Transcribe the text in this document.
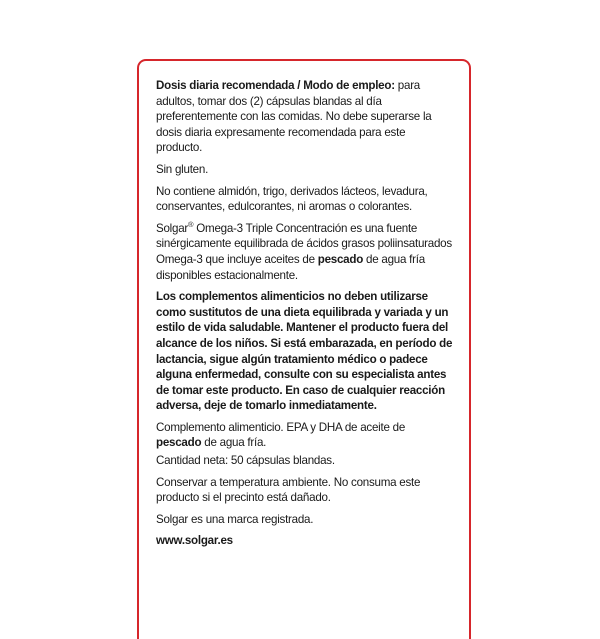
Dosis diaria recomendada / Modo de empleo: para adultos, tomar dos (2) cápsulas blandas al día preferentemente con las comidas. No debe superarse la dosis diaria expresamente recomendada para este producto.

Sin gluten.

No contiene almidón, trigo, derivados lácteos, levadura, conservantes, edulcorantes, ni aromas o colorantes.

Solgar® Omega-3 Triple Concentración es una fuente sinérgicamente equilibrada de ácidos grasos poliinsaturados Omega-3 que incluye aceites de pescado de agua fría disponibles estacionalmente.

Los complementos alimenticios no deben utilizarse como sustitutos de una dieta equilibrada y variada y un estilo de vida saludable. Mantener el producto fuera del alcance de los niños. Si está embarazada, en período de lactancia, sigue algún tratamiento médico o padece alguna enfermedad, consulte con su especialista antes de tomar este producto. En caso de cualquier reacción adversa, deje de tomarlo inmediatamente.

Complemento alimenticio. EPA y DHA de aceite de pescado de agua fría.

Cantidad neta: 50 cápsulas blandas.

Conservar a temperatura ambiente. No consuma este producto si el precinto está dañado.

Solgar es una marca registrada.

www.solgar.es
